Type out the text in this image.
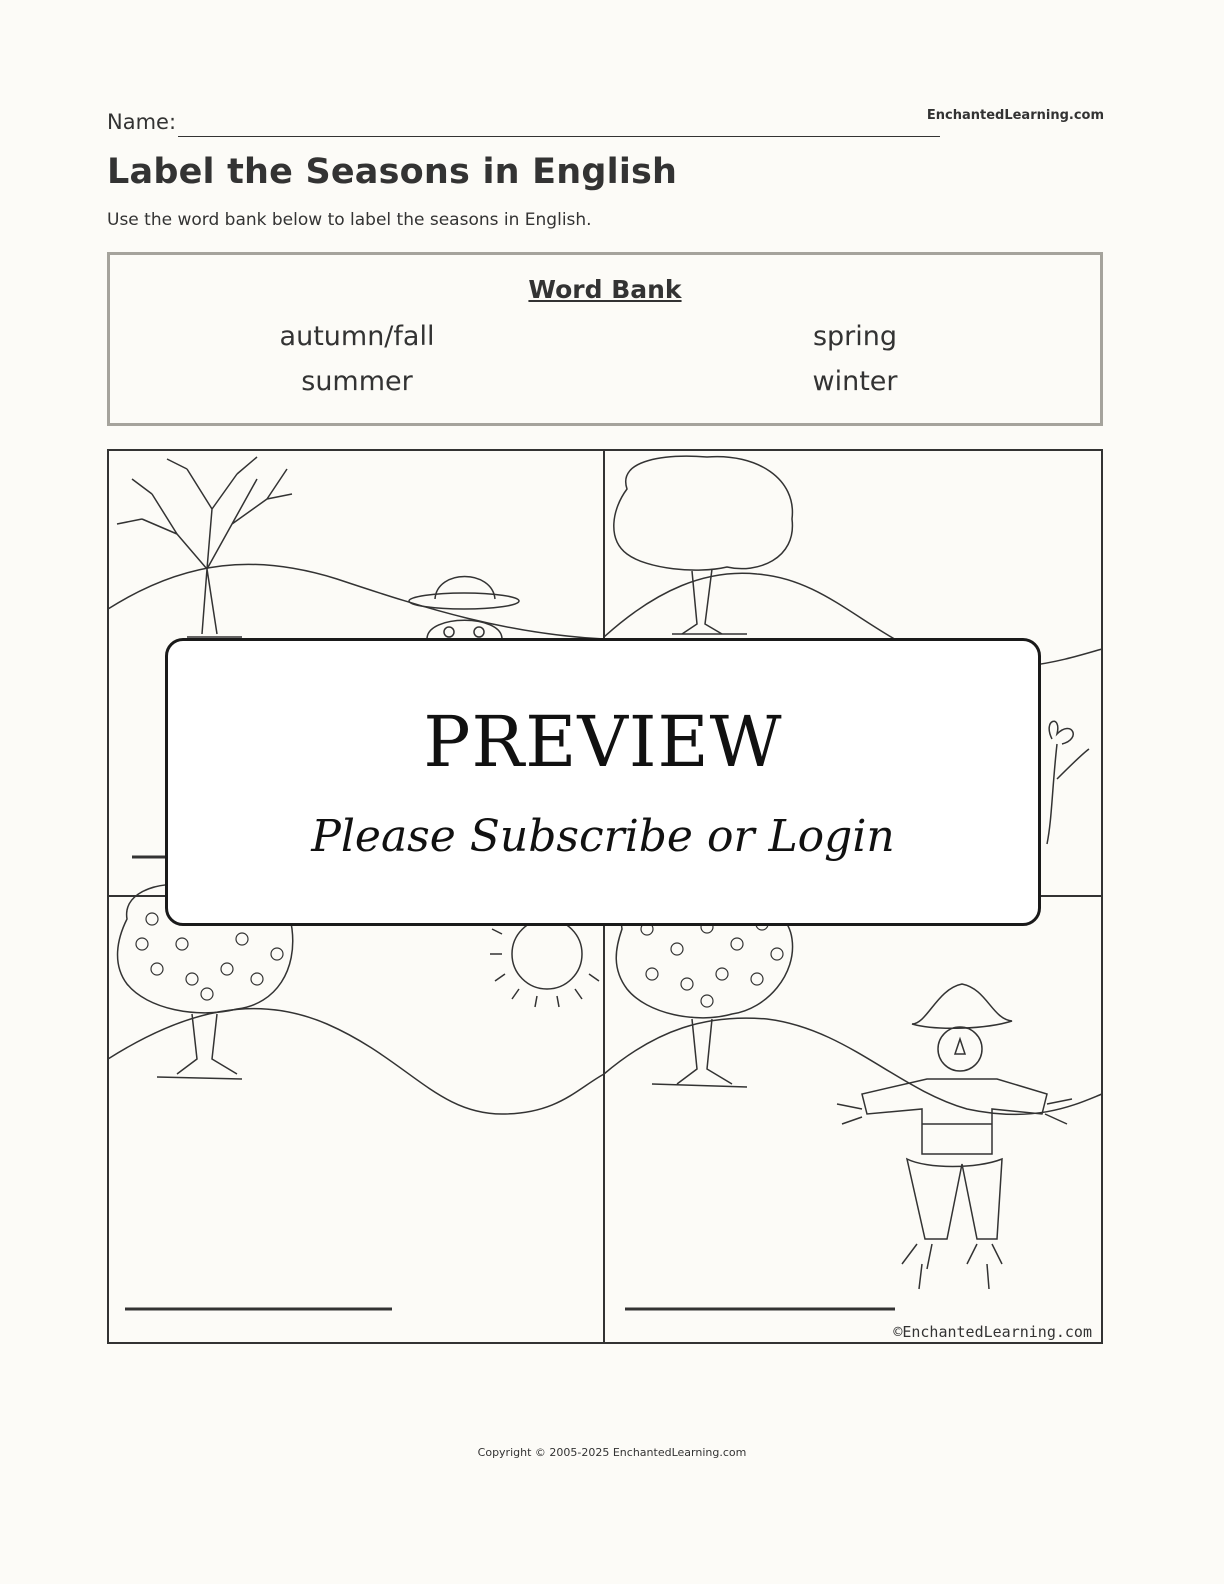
Name:	EnchantedLearning.com
Label the Seasons in English
Use the word bank below to label the seasons in English.
Word Bank
autumn/fall	spring
summer	winter
©EnchantedLearning.com
PREVIEW
Please Subscribe or Login
Copyright © 2005-2025 EnchantedLearning.com
